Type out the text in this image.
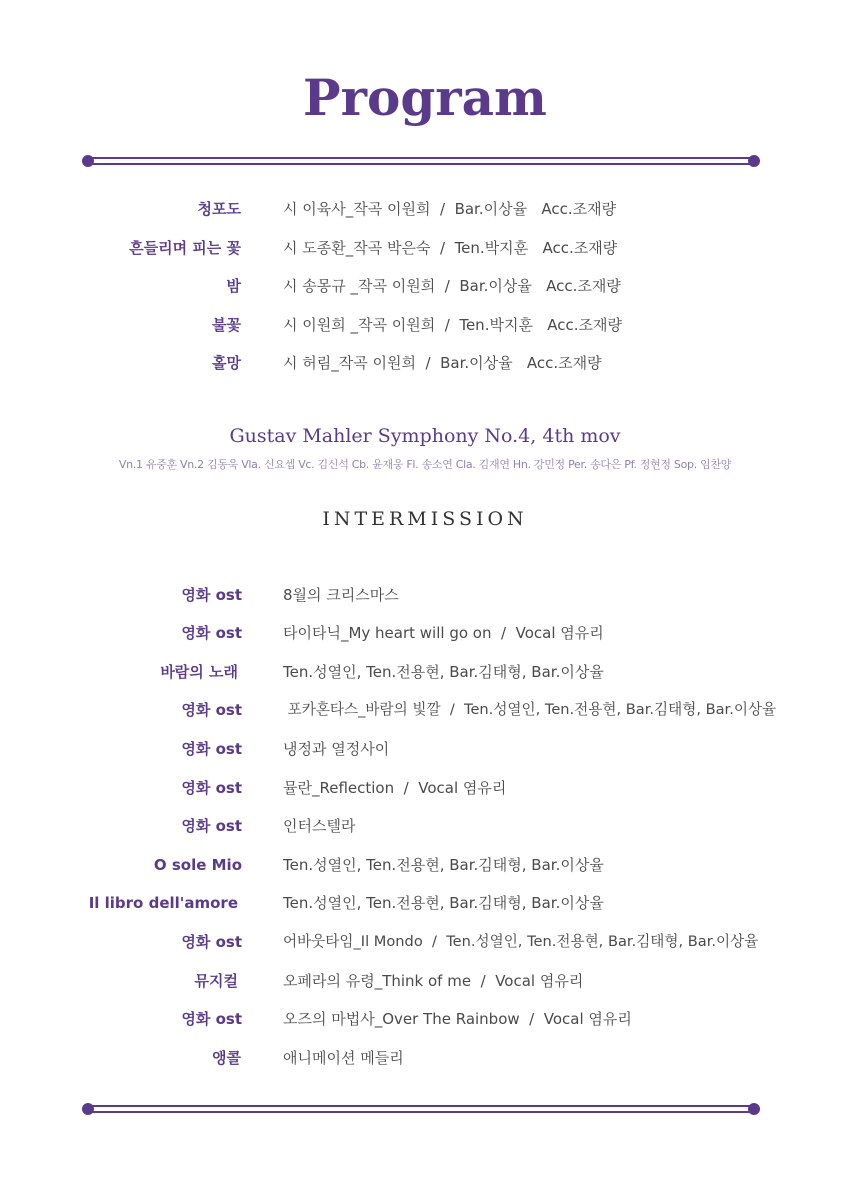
Program
청포도	시 이육사_작곡 이원희  /  Bar.이상율   Acc.조재량
흔들리며 피는 꽃	시 도종환_작곡 박은숙  /  Ten.박지훈   Acc.조재량
밤	시 송몽규 _작곡 이원희  /  Bar.이상율   Acc.조재량
불꽃	시 이원희 _작곡 이원희  /  Ten.박지훈   Acc.조재량
홀망	시 허림_작곡 이원희  /  Bar.이상율   Acc.조재량
Gustav Mahler Symphony No.4, 4th mov
Vn.1 유중훈 Vn.2 김동욱 Vla. 신요셉 Vc. 김신석 Cb. 윤재웅 Fl. 송소연 Cla. 김재연 Hn. 강민정 Per. 송다은 Pf. 정현정 Sop. 임찬양
INTERMISSION
영화 ost	8월의 크리스마스
영화 ost	타이타닉_My heart will go on  /  Vocal 염유리
바람의 노래	Ten.성열인, Ten.전용현, Bar.김태형, Bar.이상율
영화 ost	포카혼타스_바람의 빛깔  /  Ten.성열인, Ten.전용현, Bar.김태형, Bar.이상율
영화 ost	냉정과 열정사이
영화 ost	뮬란_Reflection  /  Vocal 염유리
영화 ost	인터스텔라
O sole Mio	Ten.성열인, Ten.전용현, Bar.김태형, Bar.이상율
Il libro dell'amore	Ten.성열인, Ten.전용현, Bar.김태형, Bar.이상율
영화 ost	어바웃타임_Il Mondo  /  Ten.성열인, Ten.전용현, Bar.김태형, Bar.이상율
뮤지컬	오페라의 유령_Think of me  /  Vocal 염유리
영화 ost	오즈의 마법사_Over The Rainbow  /  Vocal 염유리
앵콜	애니메이션 메들리
